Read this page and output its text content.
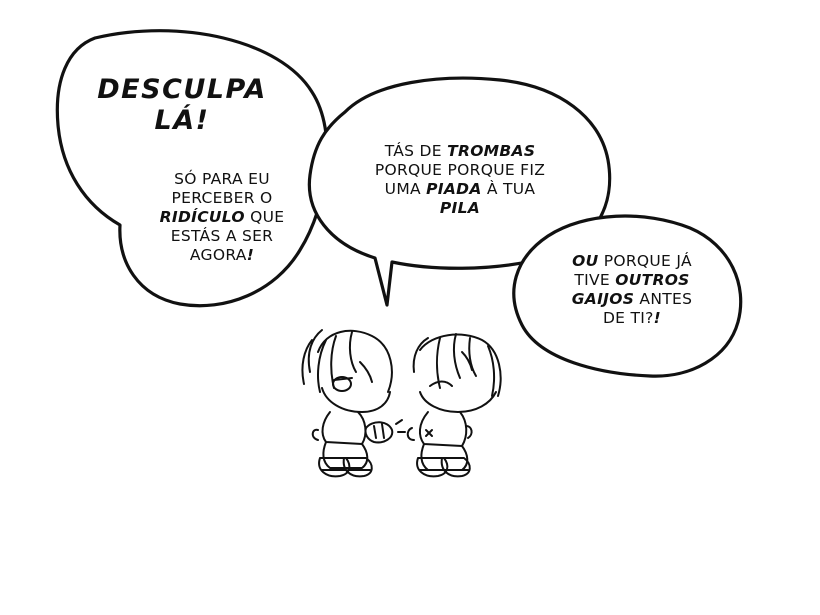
DESCULPA
LÁ!
SÓ PARA EU
PERCEBER O
RIDÍCULO QUE
ESTÁS A SER
AGORA!
TÁS DE TROMBAS
PORQUE PORQUE FIZ
UMA PIADA À TUA
PILA
OU PORQUE JÁ
TIVE OUTROS
GAIJOS ANTES
DE TI?!
